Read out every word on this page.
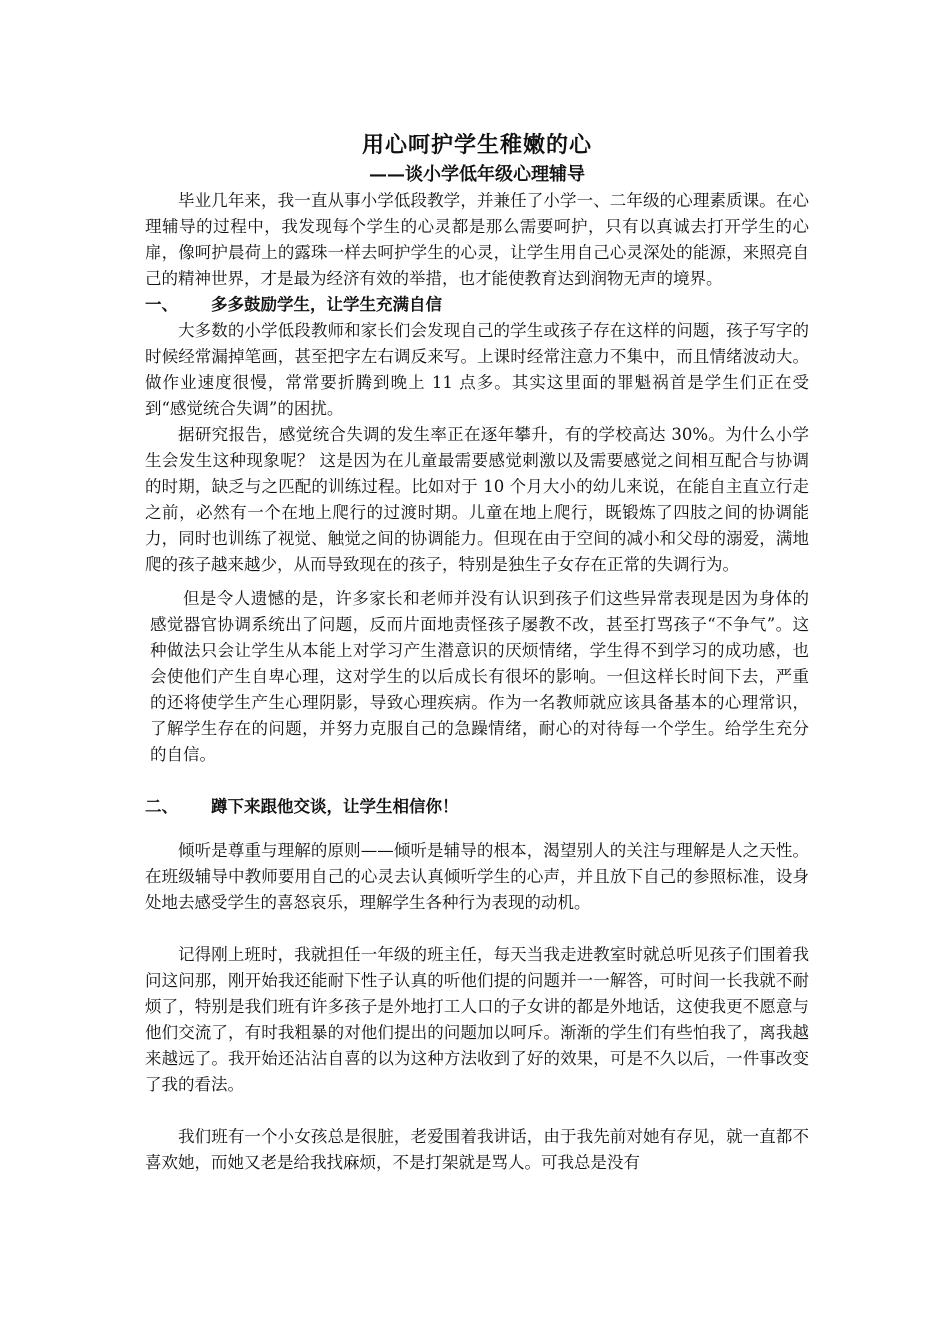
用心呵护学生稚嫩的心
——谈小学低年级心理辅导

毕业几年来，我一直从事小学低段教学，并兼任了小学一、二年级的心理素质课。在心理辅导的过程中，我发现每个学生的心灵都是那么需要呵护，只有以真诚去打开学生的心扉，像呵护晨荷上的露珠一样去呵护学生的心灵，让学生用自己心灵深处的能源，来照亮自己的精神世界，才是最为经济有效的举措，也才能使教育达到润物无声的境界。

一、	多多鼓励学生，让学生充满自信

大多数的小学低段教师和家长们会发现自己的学生或孩子存在这样的问题，孩子写字的时候经常漏掉笔画，甚至把字左右调反来写。上课时经常注意力不集中，而且情绪波动大。做作业速度很慢，常常要折腾到晚上 11 点多。其实这里面的罪魁祸首是学生们正在受到“感觉统合失调”的困扰。

据研究报告，感觉统合失调的发生率正在逐年攀升，有的学校高达 30%。为什么小学生会发生这种现象呢？ 这是因为在儿童最需要感觉刺激以及需要感觉之间相互配合与协调的时期，缺乏与之匹配的训练过程。比如对于 10 个月大小的幼儿来说，在能自主直立行走之前，必然有一个在地上爬行的过渡时期。儿童在地上爬行，既锻炼了四肢之间的协调能力，同时也训练了视觉、触觉之间的协调能力。但现在由于空间的减小和父母的溺爱，满地爬的孩子越来越少，从而导致现在的孩子，特别是独生子女存在正常的失调行为。

但是令人遗憾的是，许多家长和老师并没有认识到孩子们这些异常表现是因为身体的感觉器官协调系统出了问题，反而片面地责怪孩子屡教不改，甚至打骂孩子“不争气”。这种做法只会让学生从本能上对学习产生潜意识的厌烦情绪，学生得不到学习的成功感，也会使他们产生自卑心理，这对学生的以后成长有很坏的影响。一但这样长时间下去，严重的还将使学生产生心理阴影，导致心理疾病。作为一名教师就应该具备基本的心理常识，了解学生存在的问题，并努力克服自己的急躁情绪，耐心的对待每一个学生。给学生充分的自信。

二、	蹲下来跟他交谈，让学生相信你！

倾听是尊重与理解的原则——倾听是辅导的根本，渴望别人的关注与理解是人之天性。在班级辅导中教师要用自己的心灵去认真倾听学生的心声，并且放下自己的参照标准，设身处地去感受学生的喜怒哀乐，理解学生各种行为表现的动机。

记得刚上班时，我就担任一年级的班主任，每天当我走进教室时就总听见孩子们围着我问这问那，刚开始我还能耐下性子认真的听他们提的问题并一一解答，可时间一长我就不耐烦了，特别是我们班有许多孩子是外地打工人口的子女讲的都是外地话，这使我更不愿意与他们交流了，有时我粗暴的对他们提出的问题加以呵斥。渐渐的学生们有些怕我了，离我越来越远了。我开始还沾沾自喜的以为这种方法收到了好的效果，可是不久以后，一件事改变了我的看法。

我们班有一个小女孩总是很脏，老爱围着我讲话，由于我先前对她有存见，就一直都不喜欢她，而她又老是给我找麻烦，不是打架就是骂人。可我总是没有
